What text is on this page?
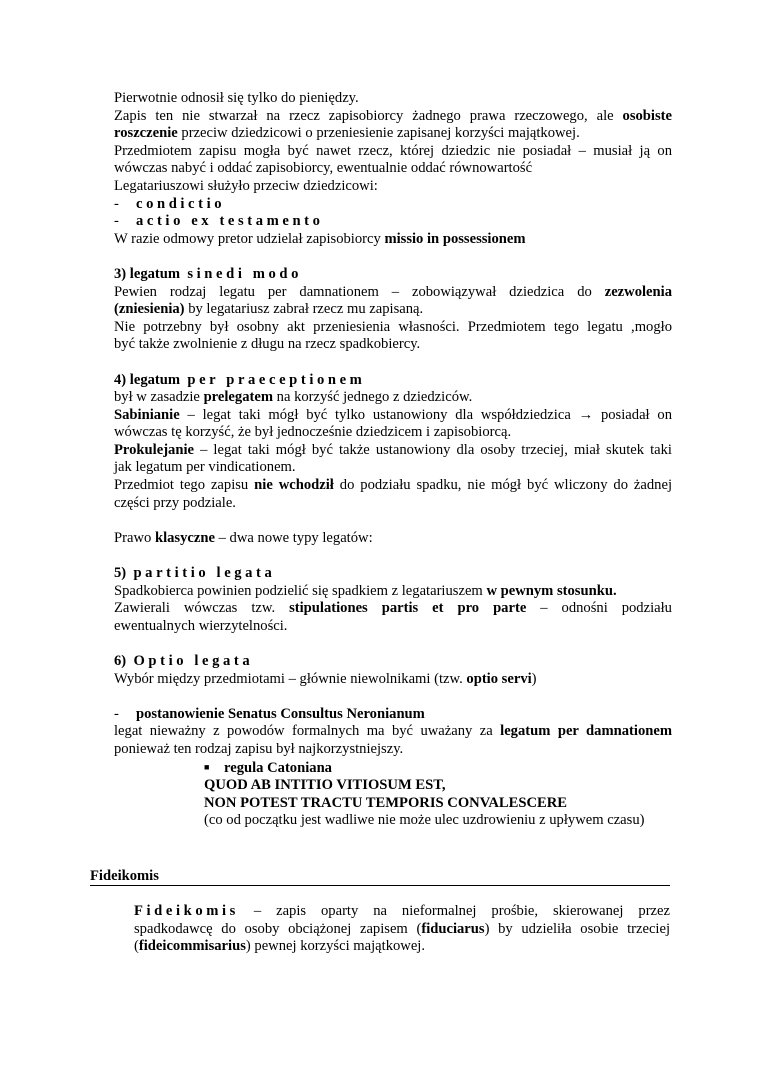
Pierwotnie odnosił się tylko do pieniędzy.
Zapis ten nie stwarzał na rzecz zapisobiorcy żadnego prawa rzeczowego, ale osobiste
roszczenie przeciw dziedzicowi o przeniesienie zapisanej korzyści majątkowej.
Przedmiotem zapisu mogła być nawet rzecz, której dziedzic nie posiadał – musiał ją on
wówczas nabyć i oddać zapisobiorcy, ewentualnie oddać równowartość
Legatariuszowi służyło przeciw dziedzicowi:
- condictio
- actio ex testamento
W razie odmowy pretor udzielał zapisobiorcy missio in possessionem
3) legatum sinedi modo
Pewien rodzaj legatu per damnationem – zobowiązywał dziedzica do zezwolenia
(zniesienia) by legatariusz zabrał rzecz mu zapisaną.
Nie potrzebny był osobny akt przeniesienia własności. Przedmiotem tego legatu ,mogło
być także zwolnienie z długu na rzecz spadkobiercy.
4) legatum per praeceptionem
był w zasadzie prelegatem na korzyść jednego z dziedziców.
Sabinianie – legat taki mógł być tylko ustanowiony dla współdziedzica → posiadał on
wówczas tę korzyść, że był jednocześnie dziedzicem i zapisobiorcą.
Prokulejanie – legat taki mógł być także ustanowiony dla osoby trzeciej, miał skutek taki
jak legatum per vindicationem.
Przedmiot tego zapisu nie wchodził do podziału spadku, nie mógł być wliczony do żadnej
części przy podziale.
Prawo klasyczne – dwa nowe typy legatów:
5) partitio legata
Spadkobierca powinien podzielić się spadkiem z legatariuszem w pewnym stosunku.
Zawierali wówczas tzw. stipulationes partis et pro parte – odnośni podziału
ewentualnych wierzytelności.
6) Optio legata
Wybór między przedmiotami – głównie niewolnikami (tzw. optio servi)
- postanowienie Senatus Consultus Neronianum
legat nieważny z powodów formalnych ma być uważany za legatum per damnationem
ponieważ ten rodzaj zapisu był najkorzystniejszy.
■ regula Catoniana
QUOD AB INTITIO VITIOSUM EST,
NON POTEST TRACTU TEMPORIS CONVALESCERE
(co od początku jest wadliwe nie może ulec uzdrowieniu z upływem czasu)
Fideikomis
Fideikomis – zapis oparty na nieformalnej prośbie, skierowanej przez
spadkodawcę do osoby obciążonej zapisem (fiduciarus) by udzieliła osobie trzeciej
(fideicommisarius) pewnej korzyści majątkowej.
